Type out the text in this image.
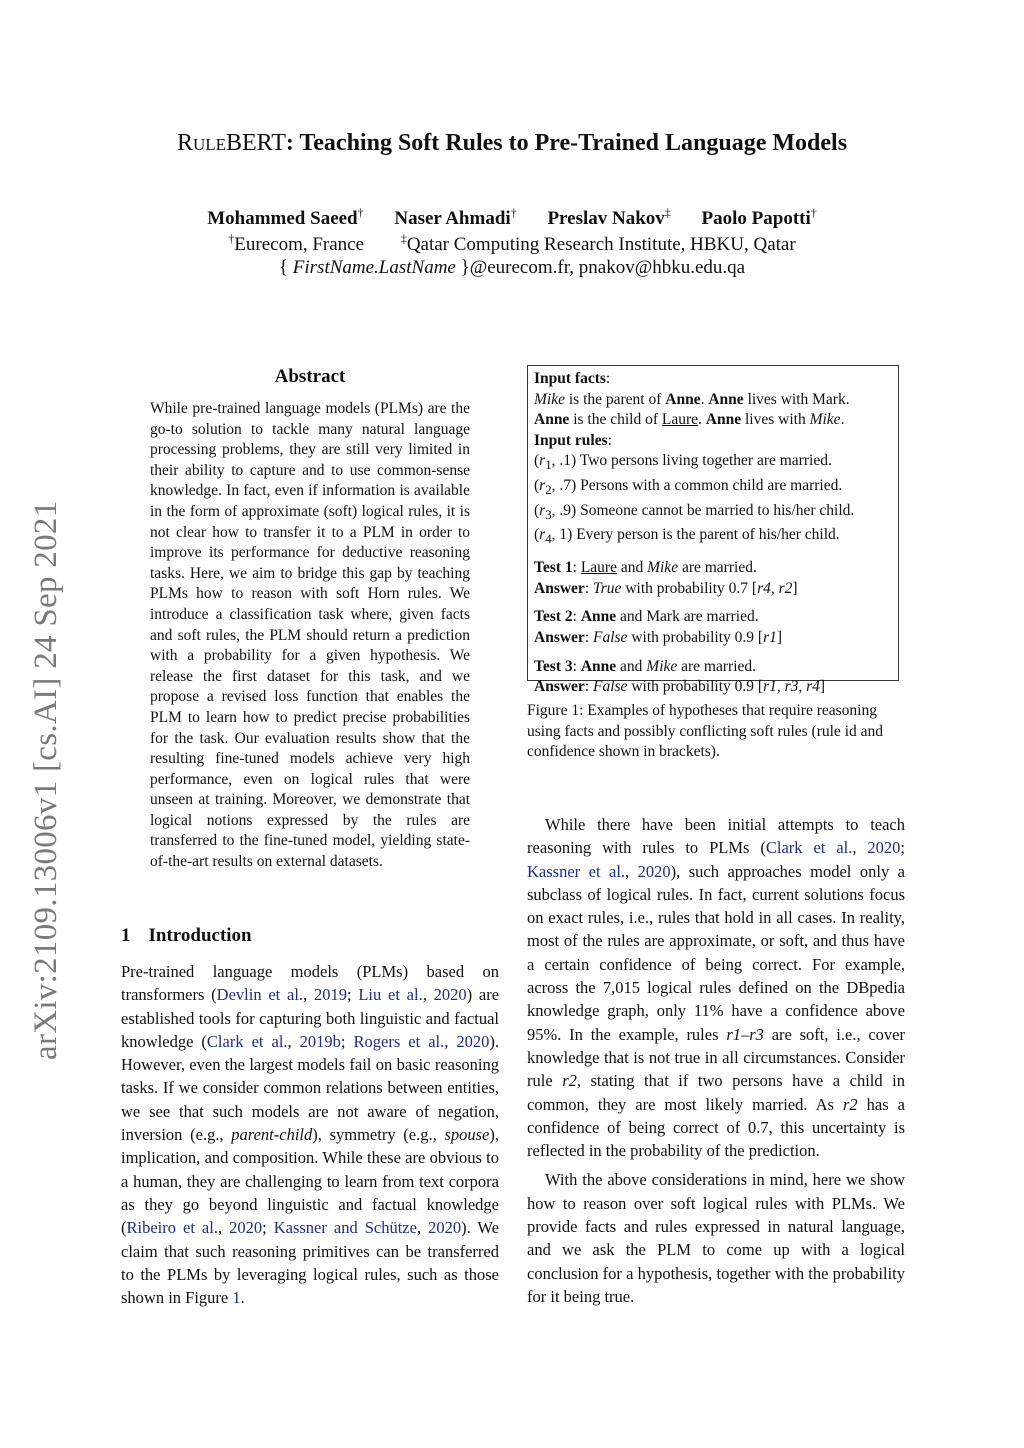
arXiv:2109.13006v1 [cs.AI] 24 Sep 2021
RuleBERT: Teaching Soft Rules to Pre-Trained Language Models
Mohammed Saeed† Naser Ahmadi† Preslav Nakov‡ Paolo Papotti†
†Eurecom, France	‡Qatar Computing Research Institute, HBKU, Qatar
{ FirstName.LastName }@eurecom.fr, pnakov@hbku.edu.qa
Abstract
While pre-trained language models (PLMs) are the go-to solution to tackle many natural language processing problems, they are still very limited in their ability to capture and to use common-sense knowledge. In fact, even if information is available in the form of approximate (soft) logical rules, it is not clear how to transfer it to a PLM in order to improve its performance for deductive reasoning tasks. Here, we aim to bridge this gap by teaching PLMs how to reason with soft Horn rules. We introduce a classification task where, given facts and soft rules, the PLM should return a prediction with a probability for a given hypothesis. We release the first dataset for this task, and we propose a revised loss function that enables the PLM to learn how to predict precise probabilities for the task. Our evaluation results show that the resulting fine-tuned models achieve very high performance, even on logical rules that were unseen at training. Moreover, we demonstrate that logical notions expressed by the rules are transferred to the fine-tuned model, yielding state-of-the-art results on external datasets.
1 Introduction

Pre-trained language models (PLMs) based on transformers (Devlin et al., 2019; Liu et al., 2020) are established tools for capturing both linguistic and factual knowledge (Clark et al., 2019b; Rogers et al., 2020). However, even the largest models fail on basic reasoning tasks. If we consider common relations between entities, we see that such models are not aware of negation, inversion (e.g., parent-child), symmetry (e.g., spouse), implication, and composition. While these are obvious to a human, they are challenging to learn from text corpora as they go beyond linguistic and factual knowledge (Ribeiro et al., 2020; Kassner and Schütze, 2020). We claim that such reasoning primitives can be transferred to the PLMs by leveraging logical rules, such as those shown in Figure 1.

Input facts:
Mike is the parent of Anne. Anne lives with Mark.
Anne is the child of Laure. Anne lives with Mike.
Input rules:
($r_1$, .1) Two persons living together are married.
($r_2$, .7) Persons with a common child are married.
($r_3$, .9) Someone cannot be married to his/her child.
($r_4$, 1) Every person is the parent of his/her child.
Test 1: Laure and Mike are married.
Answer: True with probability 0.7 [r4, r2]
Test 2: Anne and Mark are married.
Answer: False with probability 0.9 [r1]
Test 3: Anne and Mike are married.
Answer: False with probability 0.9 [r1, r3, r4]
Figure 1: Examples of hypotheses that require reasoning using facts and possibly conflicting soft rules (rule id and confidence shown in brackets).

While there have been initial attempts to teach reasoning with rules to PLMs (Clark et al., 2020; Kassner et al., 2020), such approaches model only a subclass of logical rules. In fact, current solutions focus on exact rules, i.e., rules that hold in all cases. In reality, most of the rules are approximate, or soft, and thus have a certain confidence of being correct. For example, across the 7,015 logical rules defined on the DBpedia knowledge graph, only 11% have a confidence above 95%. In the example, rules r1–r3 are soft, i.e., cover knowledge that is not true in all circumstances. Consider rule r2, stating that if two persons have a child in common, they are most likely married. As r2 has a confidence of being correct of 0.7, this uncertainty is reflected in the probability of the prediction.

With the above considerations in mind, here we show how to reason over soft logical rules with PLMs. We provide facts and rules expressed in natural language, and we ask the PLM to come up with a logical conclusion for a hypothesis, together with the probability for it being true.
